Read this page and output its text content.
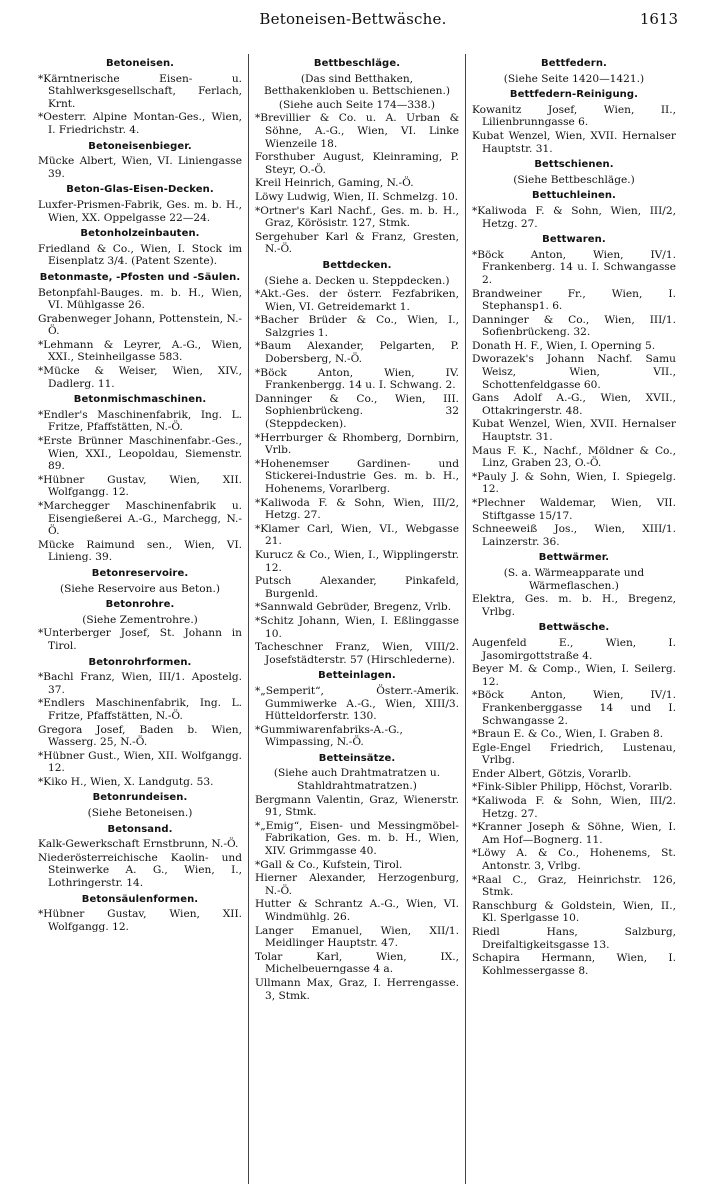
Betoneisen-Bettwäsche.	1613
Betoneisen.
*Kärntnerische Eisen- u. Stahlwerksgesellschaft, Ferlach, Krnt.
*Oesterr. Alpine Montan-Ges., Wien, I. Friedrichstr. 4.
Betoneisenbieger.
Mücke Albert, Wien, VI. Liniengasse 39.
Beton-Glas-Eisen-Decken.
Luxfer-Prismen-Fabrik, Ges. m. b. H., Wien, XX. Oppelgasse 22—24.
Betonholzeinbauten.
Friedland & Co., Wien, I. Stock im Eisenplatz 3/4. (Patent Szente).
Betonmaste, -Pfosten und -Säulen.
Betonpfahl-Bauges. m. b. H., Wien, VI. Mühlgasse 26.
Grabenweger Johann, Pottenstein, N.-Ö.
*Lehmann & Leyrer, A.-G., Wien, XXI., Steinheilgasse 583.
*Mücke & Weiser, Wien, XIV., Dadlerg. 11.
Betonmischmaschinen.
*Endler's Maschinenfabrik, Ing. L. Fritze, Pfaffstätten, N.-Ö.
*Erste Brünner Maschinenfabr.-Ges., Wien, XXI., Leopoldau, Siemenstr. 89.
*Hübner Gustav, Wien, XII. Wolfgangg. 12.
*Marchegger Maschinenfabrik u. Eisengießerei A.-G., Marchegg, N.-Ö.
Mücke Raimund sen., Wien, VI. Linieng. 39.
Betonreservoire.
(Siehe Reservoire aus Beton.)
Betonrohre.
(Siehe Zementrohre.)
*Unterberger Josef, St. Johann in Tirol.
Betonrohrformen.
*Bachl Franz, Wien, III/1. Apostelg. 37.
*Endlers Maschinenfabrik, Ing. L. Fritze, Pfaffstätten, N.-Ö.
Gregora Josef, Baden b. Wien, Wasserg. 25, N.-Ö.
*Hübner Gust., Wien, XII. Wolfgangg. 12.
*Kiko H., Wien, X. Landgutg. 53.
Betonrundeisen.
(Siehe Betoneisen.)
Betonsand.
Kalk-Gewerkschaft Ernstbrunn, N.-Ö.
Niederösterreichische Kaolin- und Steinwerke A. G., Wien, I., Lothringerstr. 14.
Betonsäulenformen.
*Hübner Gustav, Wien, XII. Wolfgangg. 12.
Bettbeschläge.
(Das sind Betthaken, Betthakenkloben u. Bettschienen.)
(Siehe auch Seite 174—338.)
*Brevillier & Co. u. A. Urban & Söhne, A.-G., Wien, VI. Linke Wienzeile 18.
Forsthuber August, Kleinraming, P. Steyr, O.-Ö.
Kreil Heinrich, Gaming, N.-Ö.
Löwy Ludwig, Wien, II. Schmelzg. 10.
*Ortner's Karl Nachf., Ges. m. b. H., Graz, Körösistr. 127, Stmk.
Sergehuber Karl & Franz, Gresten, N.-Ö.
Bettdecken.
(Siehe a. Decken u. Steppdecken.)
*Akt.-Ges. der österr. Fezfabriken, Wien, VI. Getreidemarkt 1.
*Bacher Brüder & Co., Wien, I., Salzgries 1.
*Baum Alexander, Pelgarten, P. Dobersberg, N.-Ö.
*Böck Anton, Wien, IV. Frankenbergg. 14 u. I. Schwang. 2.
Danninger & Co., Wien, III. Sophienbrückeng. 32 (Steppdecken).
*Herrburger & Rhomberg, Dornbirn, Vrlb.
*Hohenemser Gardinen- und Stickerei-Industrie Ges. m. b. H., Hohenems, Vorarlberg.
*Kaliwoda F. & Sohn, Wien, III/2, Hetzg. 27.
*Klamer Carl, Wien, VI., Webgasse 21.
Kurucz & Co., Wien, I., Wipplingerstr. 12.
Putsch Alexander, Pinkafeld, Burgenld.
*Sannwald Gebrüder, Bregenz, Vrlb.
*Schitz Johann, Wien, I. Eßlinggasse 10.
Tacheschner Franz, Wien, VIII/2. Josefstädterstr. 57 (Hirschlederne).
Betteinlagen.
*„Semperit“, Österr.-Amerik. Gummiwerke A.-G., Wien, XIII/3. Hütteldorferstr. 130.
*Gummiwarenfabriks-A.-G., Wimpassing, N.-Ö.
Betteinsätze.
(Siehe auch Drahtmatratzen u. Stahldrahtmatratzen.)
Bergmann Valentin, Graz, Wienerstr. 91, Stmk.
*„Emig“, Eisen- und Messingmöbel-Fabrikation, Ges. m. b. H., Wien, XIV. Grimmgasse 40.
*Gall & Co., Kufstein, Tirol.
Hierner Alexander, Herzogenburg, N.-Ö.
Hutter & Schrantz A.-G., Wien, VI. Windmühlg. 26.
Langer Emanuel, Wien, XII/1. Meidlinger Hauptstr. 47.
Tolar Karl, Wien, IX., Michelbeuerngasse 4 a.
Ullmann Max, Graz, I. Herrengasse. 3, Stmk.
Bettfedern.
(Siehe Seite 1420—1421.)
Bettfedern-Reinigung.
Kowanitz Josef, Wien, II., Lilienbrunngasse 6.
Kubat Wenzel, Wien, XVII. Hernalser Hauptstr. 31.
Bettschienen.
(Siehe Bettbeschläge.)
Bettuchleinen.
*Kaliwoda F. & Sohn, Wien, III/2, Hetzg. 27.
Bettwaren.
*Böck Anton, Wien, IV/1. Frankenberg. 14 u. I. Schwangasse 2.
Brandweiner Fr., Wien, I. Stephansp1. 6.
Danninger & Co., Wien, III/1. Sofienbrückeng. 32.
Donath H. F., Wien, I. Operning 5.
Dworazek's Johann Nachf. Samu Weisz, Wien, VII., Schottenfeldgasse 60.
Gans Adolf A.-G., Wien, XVII., Ottakringerstr. 48.
Kubat Wenzel, Wien, XVII. Hernalser Hauptstr. 31.
Maus F. K., Nachf., Möldner & Co., Linz, Graben 23, O.-Ö.
*Pauly J. & Sohn, Wien, I. Spiegelg. 12.
*Plechner Waldemar, Wien, VII. Stiftgasse 15/17.
Schneeweiß Jos., Wien, XIII/1. Lainzerstr. 36.
Bettwärmer.
(S. a. Wärmeapparate und Wärmeflaschen.)
Elektra, Ges. m. b. H., Bregenz, Vrlbg.
Bettwäsche.
Augenfeld E., Wien, I. Jasomirgottstraße 4.
Beyer M. & Comp., Wien, I. Seilerg. 12.
*Böck Anton, Wien, IV/1. Frankenberggasse 14 und I. Schwangasse 2.
*Braun E. & Co., Wien, I. Graben 8.
Egle-Engel Friedrich, Lustenau, Vrlbg.
Ender Albert, Götzis, Vorarlb.
*Fink-Sibler Philipp, Höchst, Vorarlb.
*Kaliwoda F. & Sohn, Wien, III/2. Hetzg. 27.
*Kranner Joseph & Söhne, Wien, I. Am Hof—Bognerg. 11.
*Löwy A. & Co., Hohenems, St. Antonstr. 3, Vrlbg.
*Raal C., Graz, Heinrichstr. 126, Stmk.
Ranschburg & Goldstein, Wien, II., Kl. Sperlgasse 10.
Riedl Hans, Salzburg, Dreifaltigkeitsgasse 13.
Schapira Hermann, Wien, I. Kohlmessergasse 8.
